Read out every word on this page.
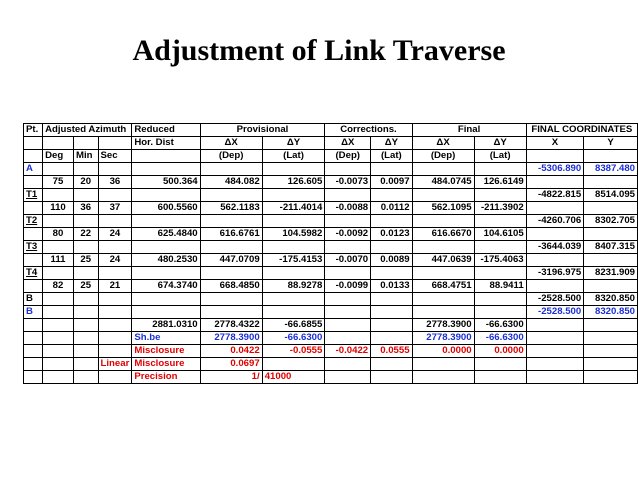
Adjustment of Link Traverse
Pt.	Adjusted Azimuth			Reduced	Provisional		Corrections.		Final		FINAL COORDINATES	
				Hor. Dist	ΔX	ΔY	ΔX	ΔY	ΔX	ΔY	X	Y
	Deg	Min	Sec		(Dep)	(Lat)	(Dep)	(Lat)	(Dep)	(Lat)		
A											-5306.890	8387.480
	75	20	36	500.364	484.082	126.605	-0.0073	0.0097	484.0745	126.6149		
T1											-4822.815	8514.095
	110	36	37	600.5560	562.1183	-211.4014	-0.0088	0.0112	562.1095	-211.3902		
T2											-4260.706	8302.705
	80	22	24	625.4840	616.6761	104.5982	-0.0092	0.0123	616.6670	104.6105		
T3											-3644.039	8407.315
	111	25	24	480.2530	447.0709	-175.4153	-0.0070	0.0089	447.0639	-175.4063		
T4											-3196.975	8231.909
	82	25	21	674.3740	668.4850	88.9278	-0.0099	0.0133	668.4751	88.9411		
B											-2528.500	8320.850
B											-2528.500	8320.850
				2881.0310	2778.4322	-66.6855			2778.3900	-66.6300		
				Sh.be	2778.3900	-66.6300			2778.3900	-66.6300		
				Misclosure	0.0422	-0.0555	-0.0422	0.0555	0.0000	0.0000		
			Linear	Misclosure	0.0697							
				Precision	1/	41000						
